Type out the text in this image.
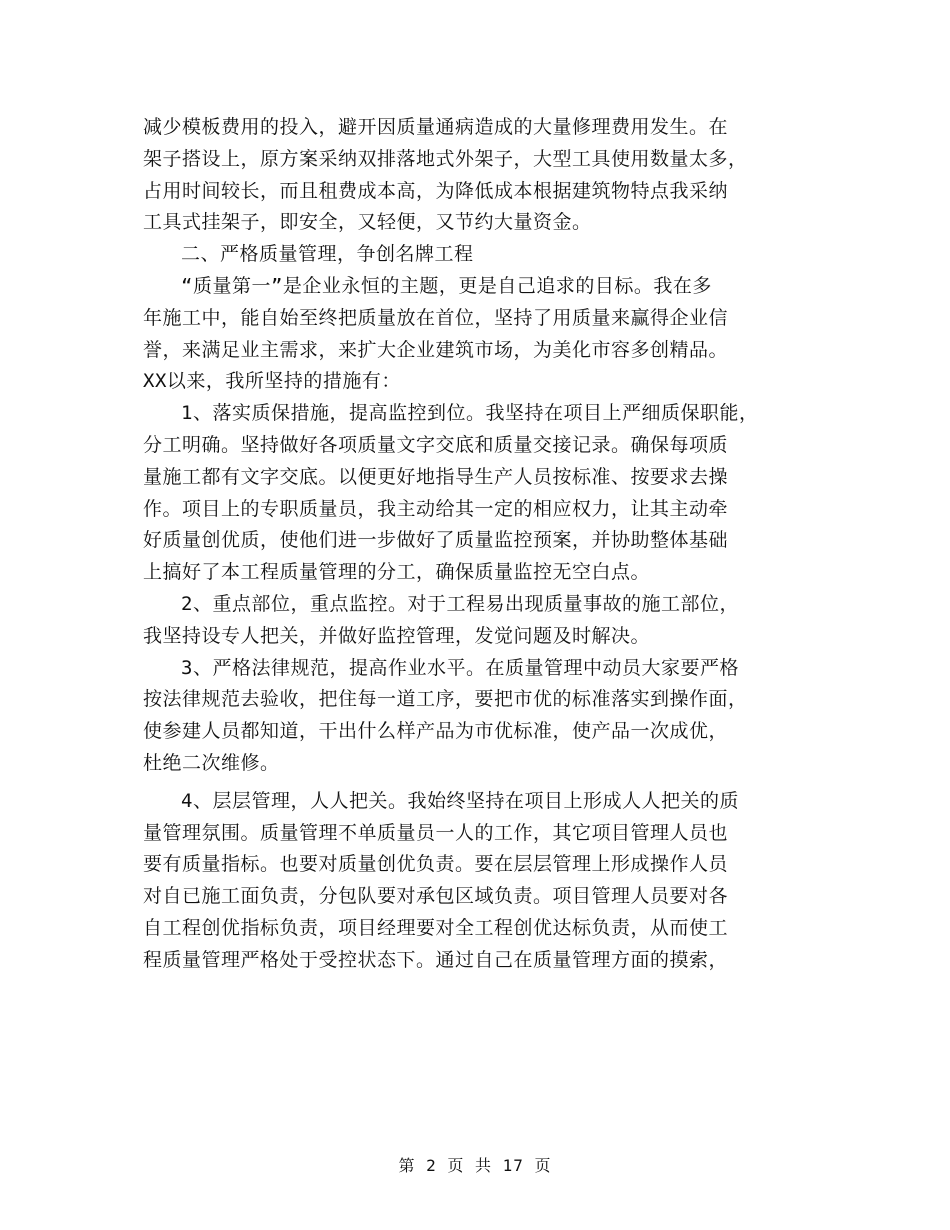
减少模板费用的投入，避开因质量通病造成的大量修理费用发生。在
架子搭设上，原方案采纳双排落地式外架子，大型工具使用数量太多，
占用时间较长，而且租费成本高，为降低成本根据建筑物特点我采纳
工具式挂架子，即安全，又轻便，又节约大量资金。
二、严格质量管理，争创名牌工程
“质量第一”是企业永恒的主题，更是自己追求的目标。我在多
年施工中，能自始至终把质量放在首位，坚持了用质量来赢得企业信
誉，来满足业主需求，来扩大企业建筑市场，为美化市容多创精品。
XX以来，我所坚持的措施有：
1、落实质保措施，提高监控到位。我坚持在项目上严细质保职能，
分工明确。坚持做好各项质量文字交底和质量交接记录。确保每项质
量施工都有文字交底。以便更好地指导生产人员按标准、按要求去操
作。项目上的专职质量员，我主动给其一定的相应权力，让其主动牵
好质量创优质，使他们进一步做好了质量监控预案，并协助整体基础
上搞好了本工程质量管理的分工，确保质量监控无空白点。
2、重点部位，重点监控。对于工程易出现质量事故的施工部位，
我坚持设专人把关，并做好监控管理，发觉问题及时解决。
3、严格法律规范，提高作业水平。在质量管理中动员大家要严格
按法律规范去验收，把住每一道工序，要把市优的标准落实到操作面，
使参建人员都知道，干出什么样产品为市优标准，使产品一次成优，
杜绝二次维修。
4、层层管理，人人把关。我始终坚持在项目上形成人人把关的质
量管理氛围。质量管理不单质量员一人的工作，其它项目管理人员也
要有质量指标。也要对质量创优负责。要在层层管理上形成操作人员
对自已施工面负责，分包队要对承包区域负责。项目管理人员要对各
自工程创优指标负责，项目经理要对全工程创优达标负责，从而使工
程质量管理严格处于受控状态下。通过自己在质量管理方面的摸索，
第 2 页 共 17 页
